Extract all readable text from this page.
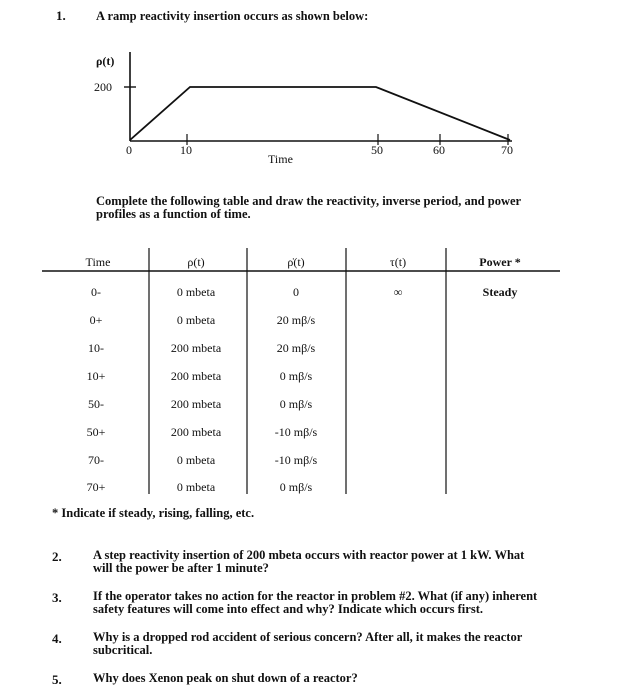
1. A ramp reactivity insertion occurs as shown below:
ρ(t)
200
0	10	50	60	70
Time
Complete the following table and draw the reactivity, inverse period, and power
profiles as a function of time.
Time	ρ(t)	ρ̇(t)	τ(t)	Power *
0-	0 mbeta	0	∞	Steady
0+	0 mbeta	20 mβ/s
10-	200 mbeta	20 mβ/s
10+	200 mbeta	0 mβ/s
50-	200 mbeta	0 mβ/s
50+	200 mbeta	-10 mβ/s
70-	0 mbeta	-10 mβ/s
70+	0 mbeta	0 mβ/s
* Indicate if steady, rising, falling, etc.
2.	A step reactivity insertion of 200 mbeta occurs with reactor power at 1 kW. What
will the power be after 1 minute?
3.	If the operator takes no action for the reactor in problem #2. What (if any) inherent
safety features will come into effect and why? Indicate which occurs first.
4.	Why is a dropped rod accident of serious concern? After all, it makes the reactor
subcritical.
5.	Why does Xenon peak on shut down of a reactor?
